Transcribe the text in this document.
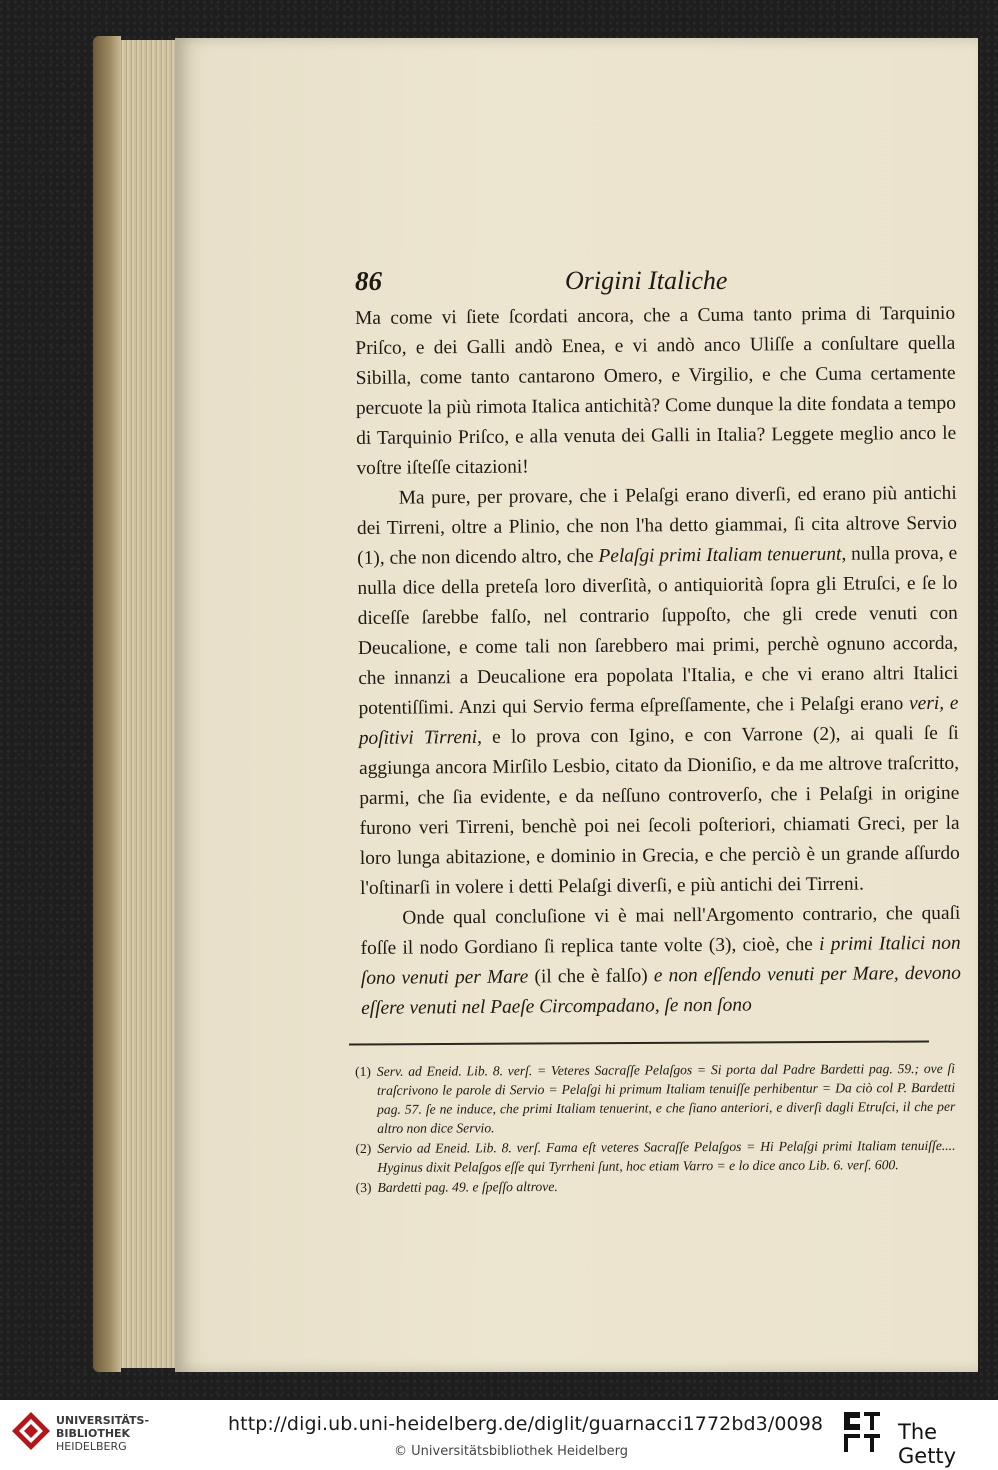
86	Origini Italiche

Ma come vi ſiete ſcordati ancora, che a Cuma tanto prima di Tarquinio Priſco, e dei Galli andò Enea, e vi andò anco Uliſſe a conſultare quella Sibilla, come tanto cantarono Omero, e Virgilio, e che Cuma certamente percuote la più rimota Italica antichità? Come dunque la dite fondata a tempo di Tarquinio Priſco, e alla venuta dei Galli in Italia? Leggete meglio anco le voſtre iſteſſe citazioni!

Ma pure, per provare, che i Pelaſgi erano diverſi, ed erano più antichi dei Tirreni, oltre a Plinio, che non l'ha detto giammai, ſi cita altrove Servio (1), che non dicendo altro, che Pelaſgi primi Italiam tenuerunt, nulla prova, e nulla dice della preteſa loro diverſità, o antiquiorità ſopra gli Etruſci, e ſe lo diceſſe ſarebbe falſo, nel contrario ſuppoſto, che gli crede venuti con Deucalione, e come tali non ſarebbero mai primi, perchè ognuno accorda, che innanzi a Deucalione era popolata l'Italia, e che vi erano altri Italici potentiſſimi. Anzi qui Servio ferma eſpreſſamente, che i Pelaſgi erano veri, e poſitivi Tirreni, e lo prova con Igino, e con Varrone (2), ai quali ſe ſi aggiunga ancora Mirſilo Lesbio, citato da Dioniſio, e da me altrove traſcritto, parmi, che ſia evidente, e da neſſuno controverſo, che i Pelaſgi in origine furono veri Tirreni, benchè poi nei ſecoli poſteriori, chiamati Greci, per la loro lunga abitazione, e dominio in Grecia, e che perciò è un grande aſſurdo l'oſtinarſi in volere i detti Pelaſgi diverſi, e più antichi dei Tirreni.

Onde qual concluſione vi è mai nell'Argomento contrario, che quaſi foſſe il nodo Gordiano ſi replica tante volte (3), cioè, che i primi Italici non ſono venuti per Mare (il che è falſo) e non eſſendo venuti per Mare, devono eſſere venuti nel Paeſe Circompadano, ſe non ſono

(1) Serv. ad Eneid. Lib. 8. verſ. = Veteres Sacraſſe Pelaſgos = Si porta dal Padre Bardetti pag. 59.; ove ſi traſcrivono le parole di Servio = Pelaſgi hi primum Italiam tenuiſſe perhibentur = Da ciò col P. Bardetti pag. 57. ſe ne induce, che primi Italiam tenuerint, e che ſiano anteriori, e diverſi dagli Etruſci, il che per altro non dice Servio.
(2) Servio ad Eneid. Lib. 8. verſ. Fama eſt veteres Sacraſſe Pelaſgos = Hi Pelaſgi primi Italiam tenuiſſe.... Hyginus dixit Pelaſgos eſſe qui Tyrrheni ſunt, hoc etiam Varro = e lo dice anco Lib. 6. verſ. 600.
(3) Bardetti pag. 49. e ſpeſſo altrove.
UNIVERSITÄTS-
BIBLIOTHEK
HEIDELBERG
http://digi.ub.uni-heidelberg.de/diglit/guarnacci1772bd3/0098
© Universitätsbibliothek Heidelberg
The Getty
